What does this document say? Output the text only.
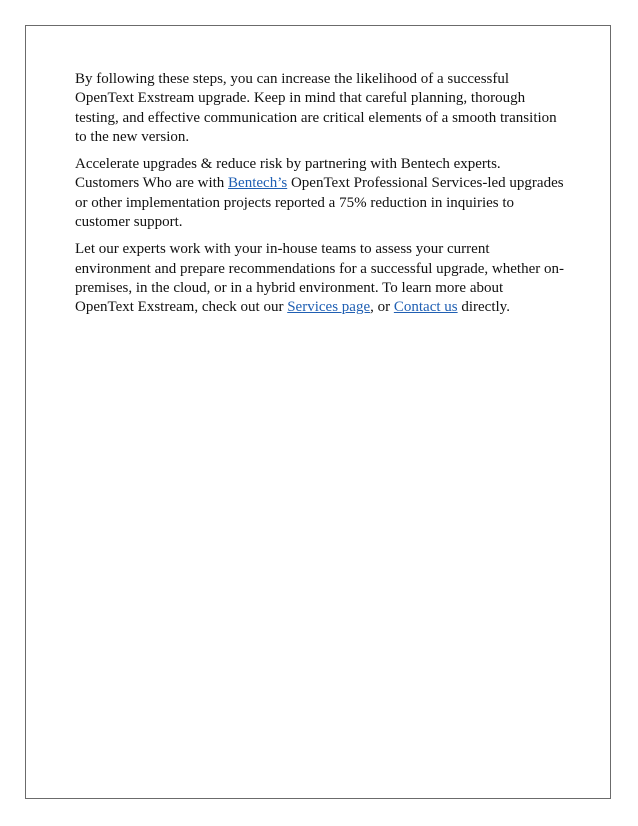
By following these steps, you can increase the likelihood of a successful OpenText Exstream upgrade. Keep in mind that careful planning, thorough testing, and effective communication are critical elements of a smooth transition to the new version.

Accelerate upgrades & reduce risk by partnering with Bentech experts. Customers Who are with Bentech’s OpenText Professional Services-led upgrades or other implementation projects reported a 75% reduction in inquiries to customer support.

Let our experts work with your in-house teams to assess your current environment and prepare recommendations for a successful upgrade, whether on-premises, in the cloud, or in a hybrid environment. To learn more about OpenText Exstream, check out our Services page, or Contact us directly.
